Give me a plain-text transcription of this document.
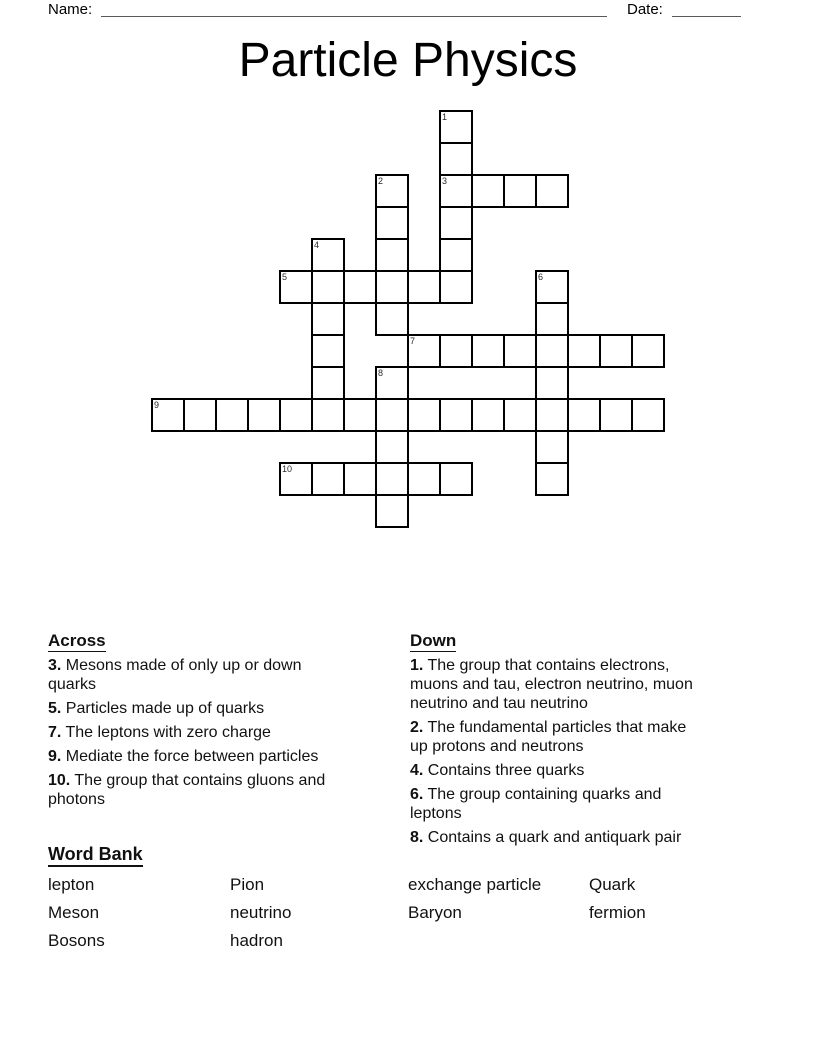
Name:	Date:
Particle Physics
1
2	3
4
5	6
7
8
9
10
Across
3. Mesons made of only up or down quarks
5. Particles made up of quarks
7. The leptons with zero charge
9. Mediate the force between particles
10. The group that contains gluons and photons
Down
1. The group that contains electrons, muons and tau, electron neutrino, muon neutrino and tau neutrino
2. The fundamental particles that make up protons and neutrons
4. Contains three quarks
6. The group containing quarks and leptons
8. Contains a quark and antiquark pair
Word Bank
lepton	Pion	exchange particle	Quark
Meson	neutrino	Baryon	fermion
Bosons	hadron
